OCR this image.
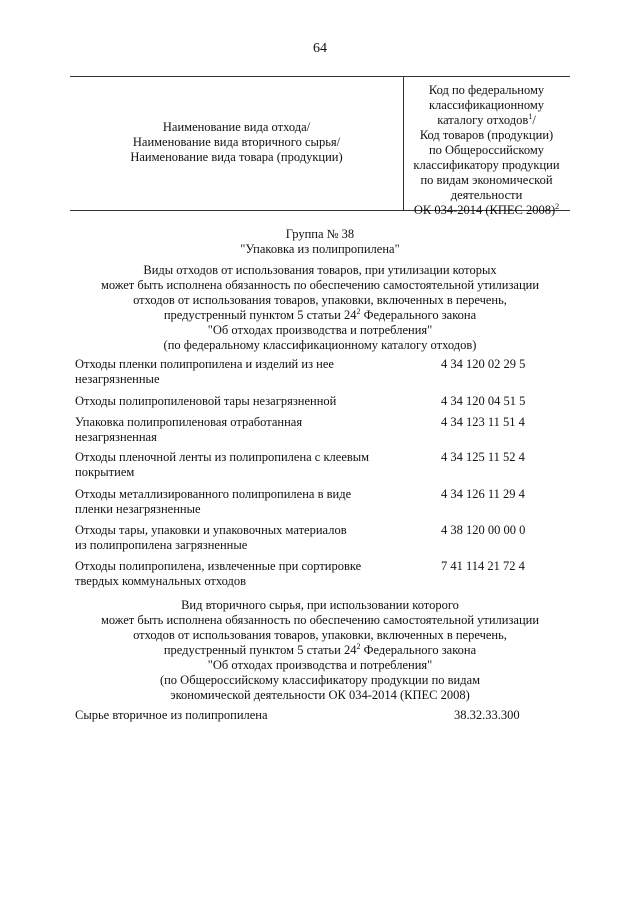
64
Наименование вида отхода/
Наименование вида вторичного сырья/
Наименование вида товара (продукции)
Код по федеральному
классификационному
каталогу отходов$^1$/
Код товаров (продукции)
по Общероссийскому
классификатору продукции
по видам экономической
деятельности
ОК 034-2014 (КПЕС 2008)$^2$
Группа № 38
"Упаковка из полипропилена"
Виды отходов от использования товаров, при утилизации которых
может быть исполнена обязанность по обеспечению самостоятельной утилизации
отходов от использования товаров, упаковки, включенных в перечень,
предустренный пунктом 5 статьи $24^2$ Федерального закона
"Об отходах производства и потребления"
(по федеральному классификационному каталогу отходов)
Отходы пленки полипропилена и изделий из нее
незагрязненные
4 34 120 02 29 5
Отходы полипропиленовой тары незагрязненной	4 34 120 04 51 5
Упаковка полипропиленовая отработанная
незагрязненная
4 34 123 11 51 4
Отходы пленочной ленты из полипропилена с клеевым
покрытием
4 34 125 11 52 4
Отходы металлизированного полипропилена в виде
пленки незагрязненные
4 34 126 11 29 4
Отходы тары, упаковки и упаковочных материалов
из полипропилена загрязненные
4 38 120 00 00 0
Отходы полипропилена, извлеченные при сортировке
твердых коммунальных отходов
7 41 114 21 72 4
Вид вторичного сырья, при использовании которого
может быть исполнена обязанность по обеспечению самостоятельной утилизации
отходов от использования товаров, упаковки, включенных в перечень,
предустренный пунктом 5 статьи $24^2$ Федерального закона
"Об отходах производства и потребления"
(по Общероссийскому классификатору продукции по видам
экономической деятельности ОК 034-2014 (КПЕС 2008)
Сырье вторичное из полипропилена	38.32.33.300
